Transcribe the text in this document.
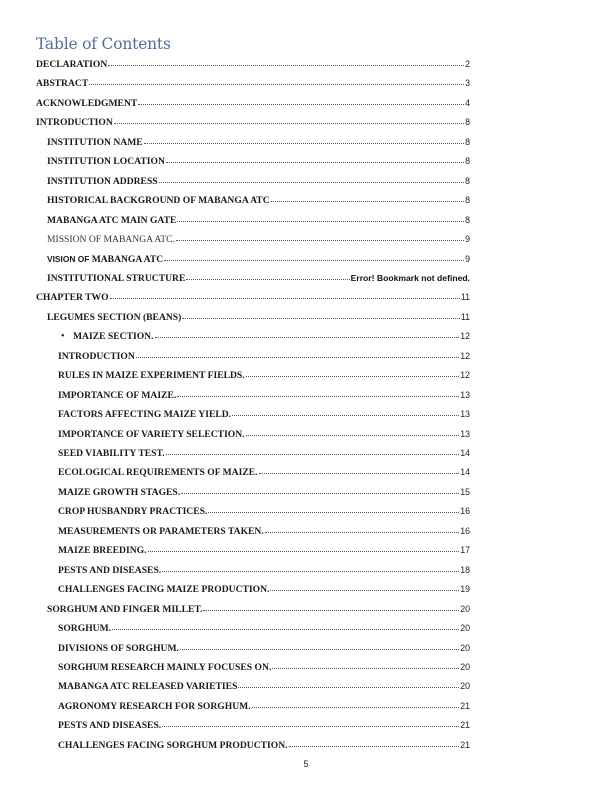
Table of Contents
DECLARATION	2
ABSTRACT	3
ACKNOWLEDGMENT	4
INTRODUCTION	8
INSTITUTION NAME	8
INSTITUTION LOCATION	8
INSTITUTION ADDRESS	8
HISTORICAL BACKGROUND OF MABANGA ATC	8
MABANGA ATC MAIN GATE	8
MISSION OF MABANGA ATC.	9
VISION OF MABANGA ATC	9
INSTITUTIONAL STRUCTURE	Error! Bookmark not defined.
CHAPTER TWO	11
LEGUMES SECTION (BEANS)	11
• MAIZE SECTION.	12
INTRODUCTION	12
RULES IN MAIZE EXPERIMENT FIELDS.	12
IMPORTANCE OF MAIZE.	13
FACTORS AFFECTING MAIZE YIELD.	13
IMPORTANCE OF VARIETY SELECTION.	13
SEED VIABILITY TEST.	14
ECOLOGICAL REQUIREMENTS OF MAIZE.	14
MAIZE GROWTH STAGES.	15
CROP HUSBANDRY PRACTICES.	16
MEASUREMENTS OR PARAMETERS TAKEN.	16
MAIZE BREEDING.	17
PESTS AND DISEASES.	18
CHALLENGES FACING MAIZE PRODUCTION.	19
SORGHUM AND FINGER MILLET.	20
SORGHUM.	20
DIVISIONS OF SORGHUM.	20
SORGHUM RESEARCH MAINLY FOCUSES ON.	20
MABANGA ATC RELEASED VARIETIES	20
AGRONOMY RESEARCH FOR SORGHUM.	21
PESTS AND DISEASES.	21
CHALLENGES FACING SORGHUM PRODUCTION.	21
5
